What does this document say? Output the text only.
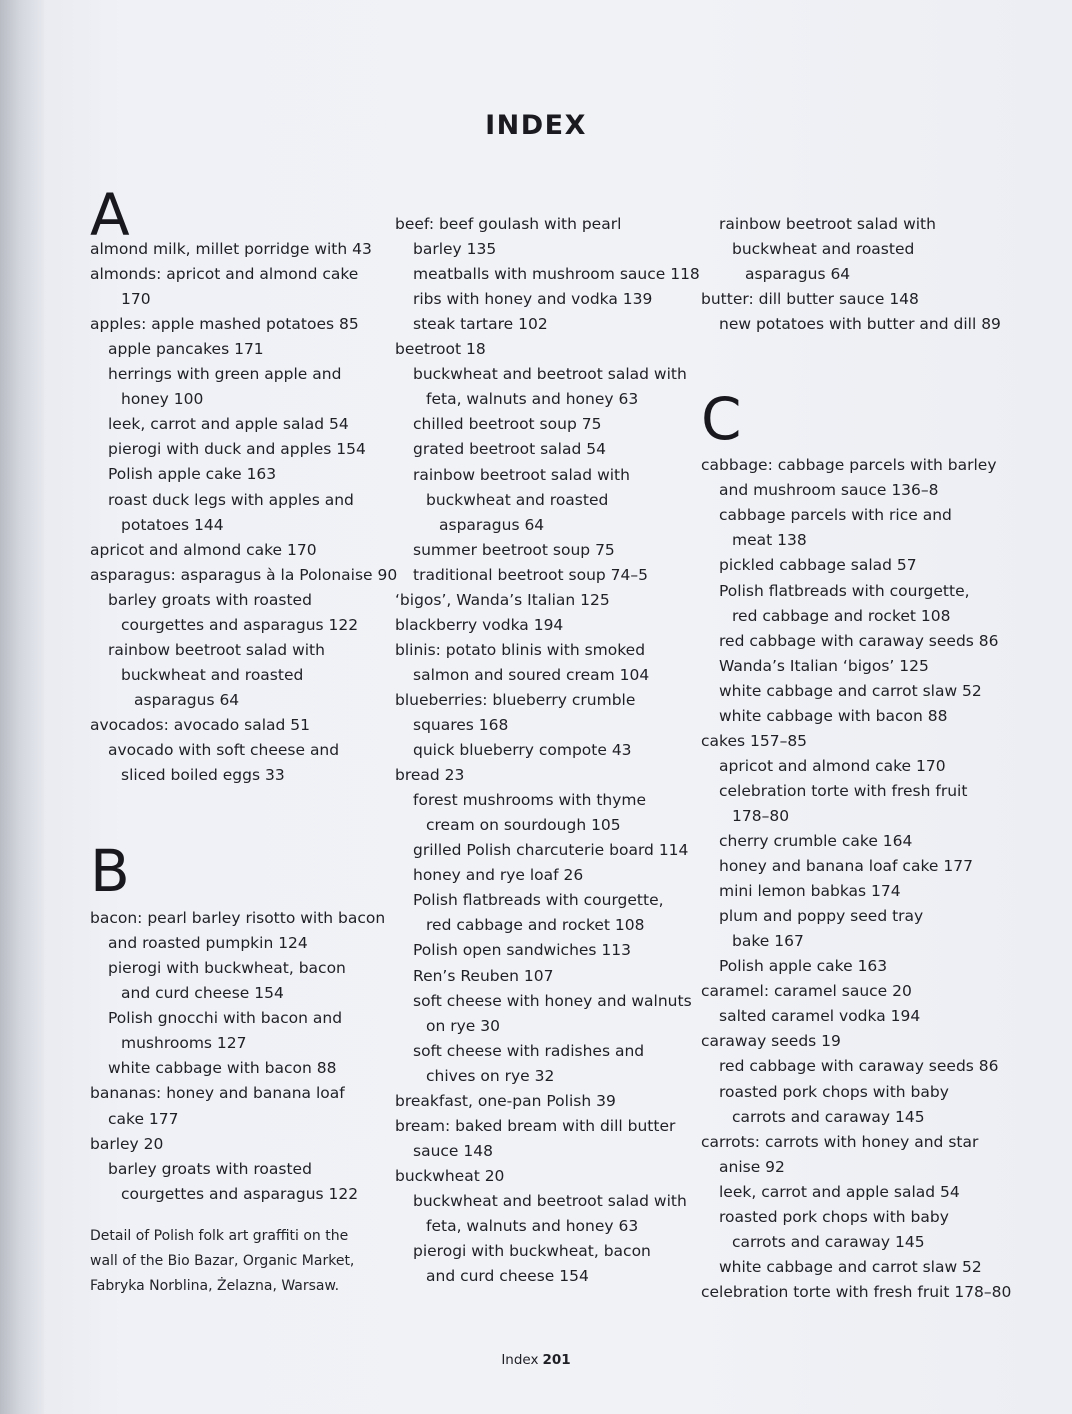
INDEX
A
almond milk, millet porridge with 43
almonds: apricot and almond cake
170
apples: apple mashed potatoes 85
apple pancakes 171
herrings with green apple and
honey 100
leek, carrot and apple salad 54
pierogi with duck and apples 154
Polish apple cake 163
roast duck legs with apples and
potatoes 144
apricot and almond cake 170
asparagus: asparagus à la Polonaise 90
barley groats with roasted
courgettes and asparagus 122
rainbow beetroot salad with
buckwheat and roasted
asparagus 64
avocados: avocado salad 51
avocado with soft cheese and
sliced boiled eggs 33
B
bacon: pearl barley risotto with bacon
and roasted pumpkin 124
pierogi with buckwheat, bacon
and curd cheese 154
Polish gnocchi with bacon and
mushrooms 127
white cabbage with bacon 88
bananas: honey and banana loaf
cake 177
barley 20
barley groats with roasted
courgettes and asparagus 122
Detail of Polish folk art graffiti on the
wall of the Bio Bazar, Organic Market,
Fabryka Norblina, Żelazna, Warsaw.
beef: beef goulash with pearl
barley 135
meatballs with mushroom sauce 118
ribs with honey and vodka 139
steak tartare 102
beetroot 18
buckwheat and beetroot salad with
feta, walnuts and honey 63
chilled beetroot soup 75
grated beetroot salad 54
rainbow beetroot salad with
buckwheat and roasted
asparagus 64
summer beetroot soup 75
traditional beetroot soup 74–5
‘bigos’, Wanda’s Italian 125
blackberry vodka 194
blinis: potato blinis with smoked
salmon and soured cream 104
blueberries: blueberry crumble
squares 168
quick blueberry compote 43
bread 23
forest mushrooms with thyme
cream on sourdough 105
grilled Polish charcuterie board 114
honey and rye loaf 26
Polish flatbreads with courgette,
red cabbage and rocket 108
Polish open sandwiches 113
Ren’s Reuben 107
soft cheese with honey and walnuts
on rye 30
soft cheese with radishes and
chives on rye 32
breakfast, one-pan Polish 39
bream: baked bream with dill butter
sauce 148
buckwheat 20
buckwheat and beetroot salad with
feta, walnuts and honey 63
pierogi with buckwheat, bacon
and curd cheese 154
rainbow beetroot salad with
buckwheat and roasted
asparagus 64
butter: dill butter sauce 148
new potatoes with butter and dill 89
C
cabbage: cabbage parcels with barley
and mushroom sauce 136–8
cabbage parcels with rice and
meat 138
pickled cabbage salad 57
Polish flatbreads with courgette,
red cabbage and rocket 108
red cabbage with caraway seeds 86
Wanda’s Italian ‘bigos’ 125
white cabbage and carrot slaw 52
white cabbage with bacon 88
cakes 157–85
apricot and almond cake 170
celebration torte with fresh fruit
178–80
cherry crumble cake 164
honey and banana loaf cake 177
mini lemon babkas 174
plum and poppy seed tray
bake 167
Polish apple cake 163
caramel: caramel sauce 20
salted caramel vodka 194
caraway seeds 19
red cabbage with caraway seeds 86
roasted pork chops with baby
carrots and caraway 145
carrots: carrots with honey and star
anise 92
leek, carrot and apple salad 54
roasted pork chops with baby
carrots and caraway 145
white cabbage and carrot slaw 52
celebration torte with fresh fruit 178–80
Index 201
